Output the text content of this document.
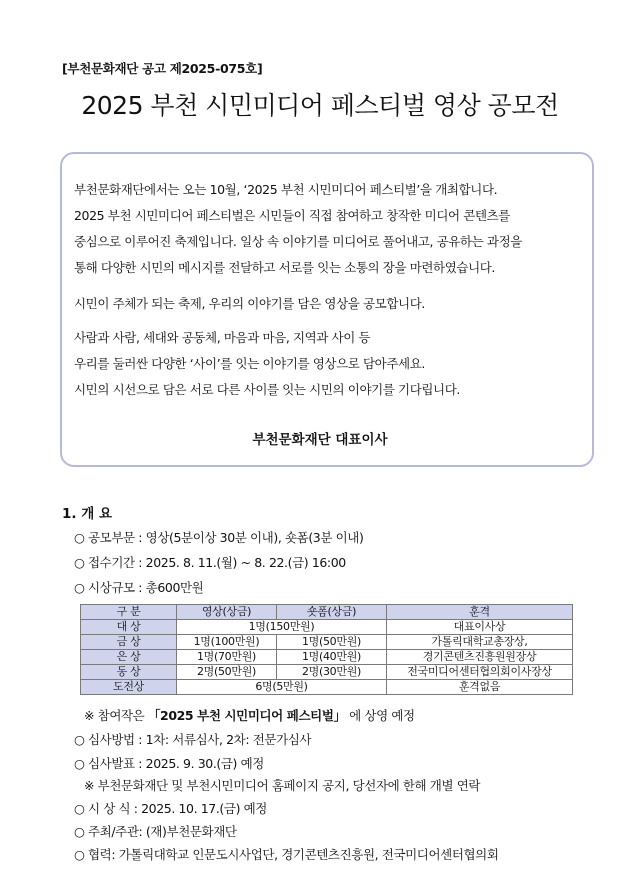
[부천문화재단 공고 제2025-075호]
2025 부천 시민미디어 페스티벌 영상 공모전
부천문화재단에서는 오는 10월, ‘2025 부천 시민미디어 페스티벌’을 개최합니다.
2025 부천 시민미디어 페스티벌은 시민들이 직접 참여하고 창작한 미디어 콘텐츠를
중심으로 이루어진 축제입니다. 일상 속 이야기를 미디어로 풀어내고, 공유하는 과정을
통해 다양한 시민의 메시지를 전달하고 서로를 잇는 소통의 장을 마련하였습니다.
시민이 주체가 되는 축제, 우리의 이야기를 담은 영상을 공모합니다.
사람과 사람, 세대와 공동체, 마음과 마음, 지역과 사이 등
우리를 둘러싼 다양한 ‘사이’를 잇는 이야기를 영상으로 담아주세요.
시민의 시선으로 담은 서로 다른 사이를 잇는 시민의 이야기를 기다립니다.
부천문화재단 대표이사
1. 개 요
○ 공모부문 : 영상(5분이상 30분 이내), 숏폼(3분 이내)
○ 접수기간 : 2025. 8. 11.(월) ~ 8. 22.(금) 16:00
○ 시상규모 : 총600만원
구 분	영상(상금)	숏폼(상금)	훈격
대 상	1명(150만원)		대표이사상
금 상	1명(100만원)	1명(50만원)	가톨릭대학교총장상,
은 상	1명(70만원)	1명(40만원)	경기콘텐츠진흥원원장상
동 상	2명(50만원)	2명(30만원)	전국미디어센터협의회이사장상
도전상	6명(5만원)		훈격없음
※ 참여작은 「2025 부천 시민미디어 페스티벌」 에 상영 예정
○ 심사방법 : 1차: 서류심사, 2차: 전문가심사
○ 심사발표 : 2025. 9. 30.(금) 예정
※ 부천문화재단 및 부천시민미디어 홈페이지 공지, 당선자에 한해 개별 연락
○ 시 상 식 : 2025. 10. 17.(금) 예정
○ 주최/주관: (재)부천문화재단
○ 협력: 가톨릭대학교 인문도시사업단, 경기콘텐츠진흥원, 전국미디어센터협의회
